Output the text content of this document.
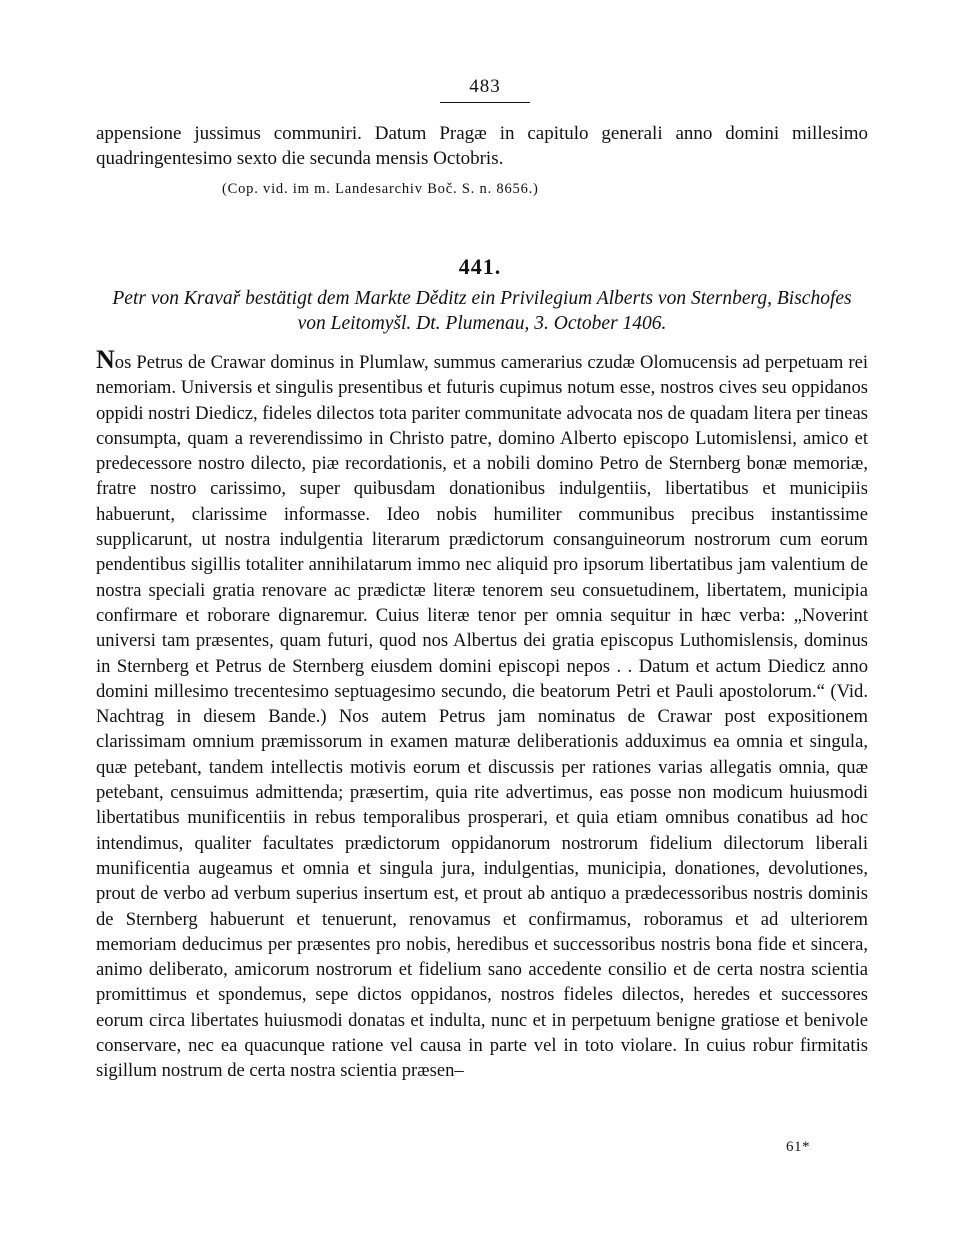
483

appensione jussimus communiri. Datum Pragæ in capitulo generali anno domini millesimo quadringentesimo sexto die secunda mensis Octobris.

(Cop. vid. im m. Landesarchiv Boč. S. n. 8656.)
441.
Petr von Kravař bestätigt dem Markte Děditz ein Privilegium Alberts von Sternberg, Bischofes von Leitomyšl. Dt. Plumenau, 3. October 1406.

Nos Petrus de Crawar dominus in Plumlaw, summus camerarius czudæ Olomucensis ad perpetuam rei nemoriam. Universis et singulis presentibus et futuris cupimus notum esse, nostros cives seu oppidanos oppidi nostri Diedicz, fideles dilectos tota pariter communitate advocata nos de quadam litera per tineas consumpta, quam a reverendissimo in Christo patre, domino Alberto episcopo Lutomislensi, amico et predecessore nostro dilecto, piæ recordationis, et a nobili domino Petro de Sternberg bonæ memoriæ, fratre nostro carissimo, super quibusdam donationibus indulgentiis, libertatibus et municipiis habuerunt, clarissime informasse. Ideo nobis humiliter communibus precibus instantissime supplicarunt, ut nostra indulgentia literarum prædictorum consanguineorum nostrorum cum eorum pendentibus sigillis totaliter annihilatarum immo nec aliquid pro ipsorum libertatibus jam valentium de nostra speciali gratia renovare ac prædictæ literæ tenorem seu consuetudinem, libertatem, municipia confirmare et roborare dignaremur. Cuius literæ tenor per omnia sequitur in hæc verba: „Noverint universi tam præsentes, quam futuri, quod nos Albertus dei gratia episcopus Luthomislensis, dominus in Sternberg et Petrus de Sternberg eiusdem domini episcopi nepos . . Datum et actum Diedicz anno domini millesimo trecentesimo septuagesimo secundo, die beatorum Petri et Pauli apostolorum.“ (Vid. Nachtrag in diesem Bande.) Nos autem Petrus jam nominatus de Crawar post expositionem clarissimam omnium præmissorum in examen maturæ deliberationis adduximus ea omnia et singula, quæ petebant, tandem intellectis motivis eorum et discussis per rationes varias allegatis omnia, quæ petebant, censuimus admittenda; præsertim, quia rite advertimus, eas posse non modicum huiusmodi libertatibus munificentiis in rebus temporalibus prosperari, et quia etiam omnibus conatibus ad hoc intendimus, qualiter facultates prædictorum oppidanorum nostrorum fidelium dilectorum liberali munificentia augeamus et omnia et singula jura, indulgentias, municipia, donationes, devolutiones, prout de verbo ad verbum superius insertum est, et prout ab antiquo a prædecessoribus nostris dominis de Sternberg habuerunt et tenuerunt, renovamus et confirmamus, roboramus et ad ulteriorem memoriam deducimus per præsentes pro nobis, heredibus et successoribus nostris bona fide et sincera, animo deliberato, amicorum nostrorum et fidelium sano accedente consilio et de certa nostra scientia promittimus et spondemus, sepe dictos oppidanos, nostros fideles dilectos, heredes et successores eorum circa libertates huiusmodi donatas et indulta, nunc et in perpetuum benigne gratiose et benivole conservare, nec ea quacunque ratione vel causa in parte vel in toto violare. In cuius robur firmitatis sigillum nostrum de certa nostra scientia præsen–

61*
